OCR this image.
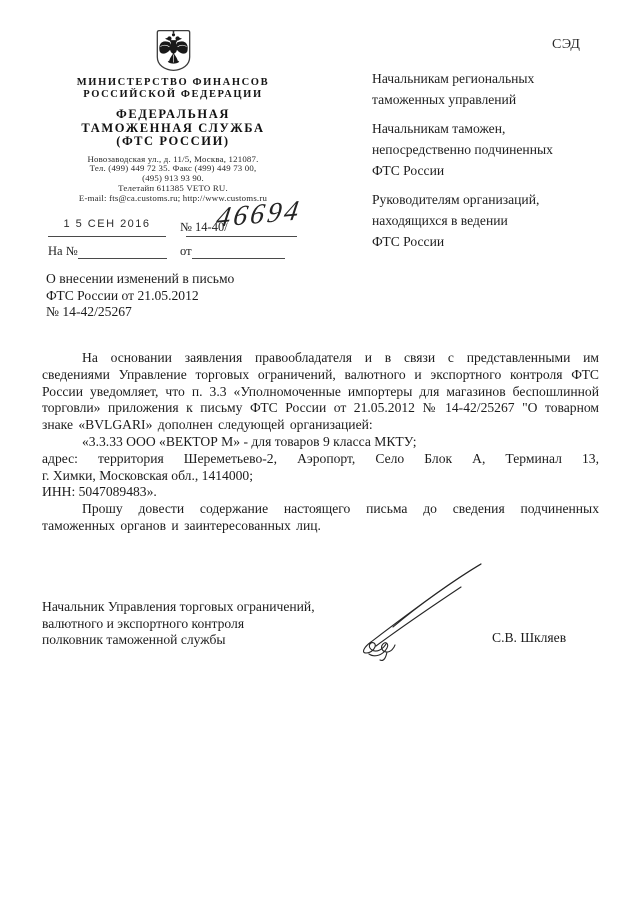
СЭД
МИНИСТЕРСТВО ФИНАНСОВ
РОССИЙСКОЙ ФЕДЕРАЦИИ
ФЕДЕРАЛЬНАЯ
ТАМОЖЕННАЯ СЛУЖБА
(ФТС РОССИИ)
Новозаводская ул., д. 11/5, Москва, 121087.
Тел. (499) 449 72 35. Факс (499) 449 73 00,
(495) 913 93 90.
Телетайп 611385 VETO RU.
E-mail: fts@ca.customs.ru; http://www.customs.ru
1 5 СЕН 2016	№ 14-40/
46694
На №	от
Начальникам региональных
таможенных управлений
Начальникам таможен,
непосредственно подчиненных
ФТС России
Руководителям организаций,
находящихся в ведении
ФТС России
О внесении изменений в письмо
ФТС России от 21.05.2012
№ 14-42/25267

На основании заявления правообладателя и в связи с представленными им сведениями Управление торговых ограничений, валютного и экспортного контроля ФТС России уведомляет, что п. 3.3 «Уполномоченные импортеры для магазинов беспошлинной торговли» приложения к письму ФТС России от 21.05.2012 № 14-42/25267 "О товарном знаке «BVLGARI» дополнен следующей организацией:

«3.3.33 ООО «ВЕКТОР М» - для товаров 9 класса МКТУ;

адрес: территория Шереметьево-2, Аэропорт, Село Блок А, Терминал 13,

г. Химки, Московская обл., 1414000;

ИНН: 5047089483».

Прошу довести содержание настоящего письма до сведения подчиненных таможенных органов и заинтересованных лиц.

Начальник Управления торговых ограничений,
валютного и экспортного контроля
полковник таможенной службы	С.В. Шкляев
